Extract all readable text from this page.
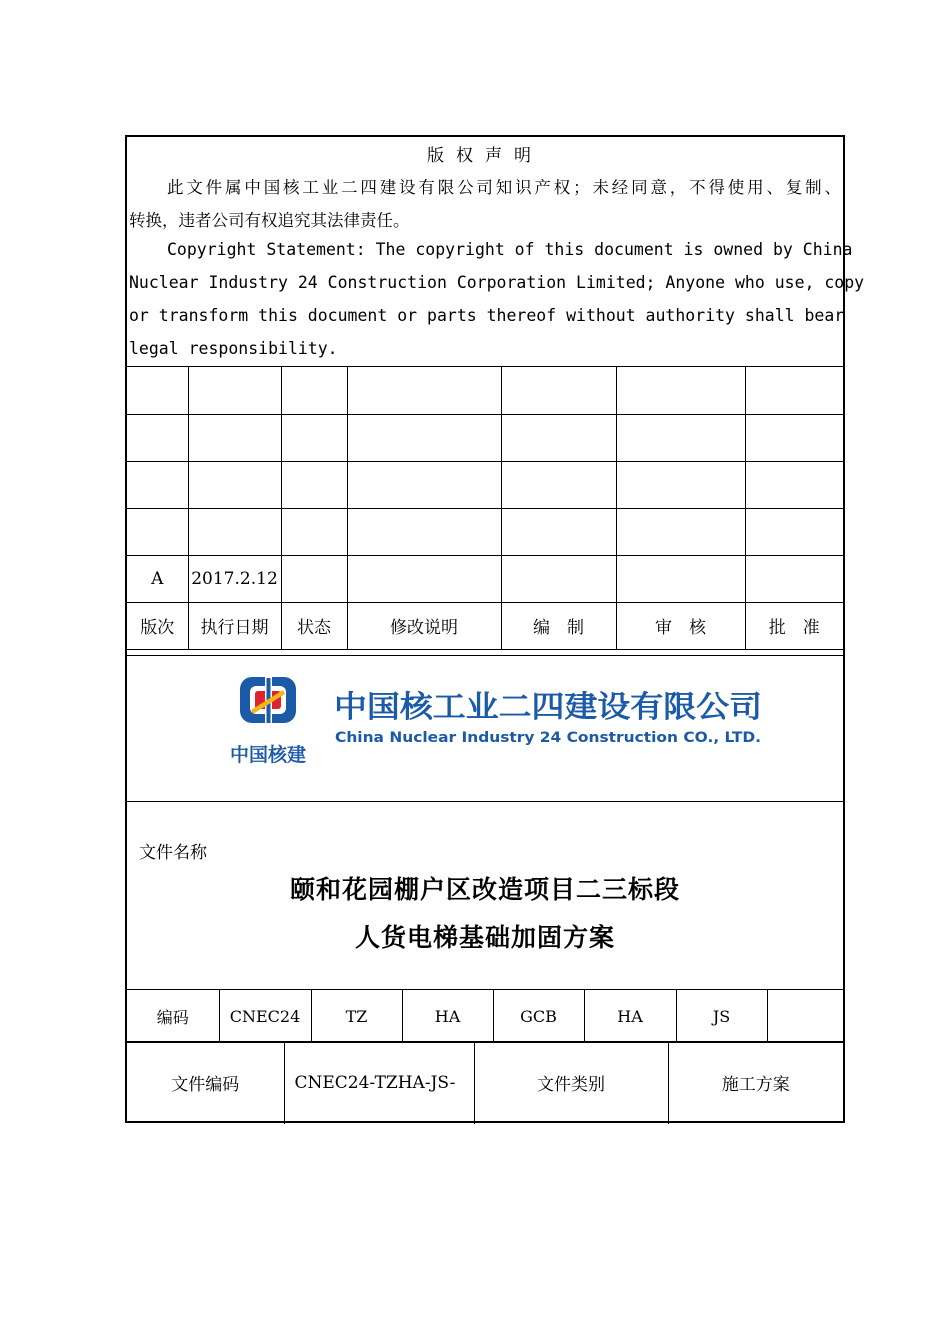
版权声明
此文件属中国核工业二四建设有限公司知识产权；未经同意，不得使用、复制、
转换，违者公司有权追究其法律责任。
Copyright Statement: The copyright of this document is owned by China
Nuclear Industry 24 Construction Corporation Limited; Anyone who use, copy
or transform this document or parts thereof without authority shall bear
legal responsibility.

A	2017.2.12					
版次	执行日期	状态	修改说明	编　制	审　核	批　准
中国核建
中国核工业二四建设有限公司
China Nuclear Industry 24 Construction CO., LTD.
文件名称
颐和花园棚户区改造项目二三标段
人货电梯基础加固方案
编码	CNEC24	TZ	HA	GCB	HA	JS	
文件编码	CNEC24-TZHA-JS-	文件类别	施工方案
